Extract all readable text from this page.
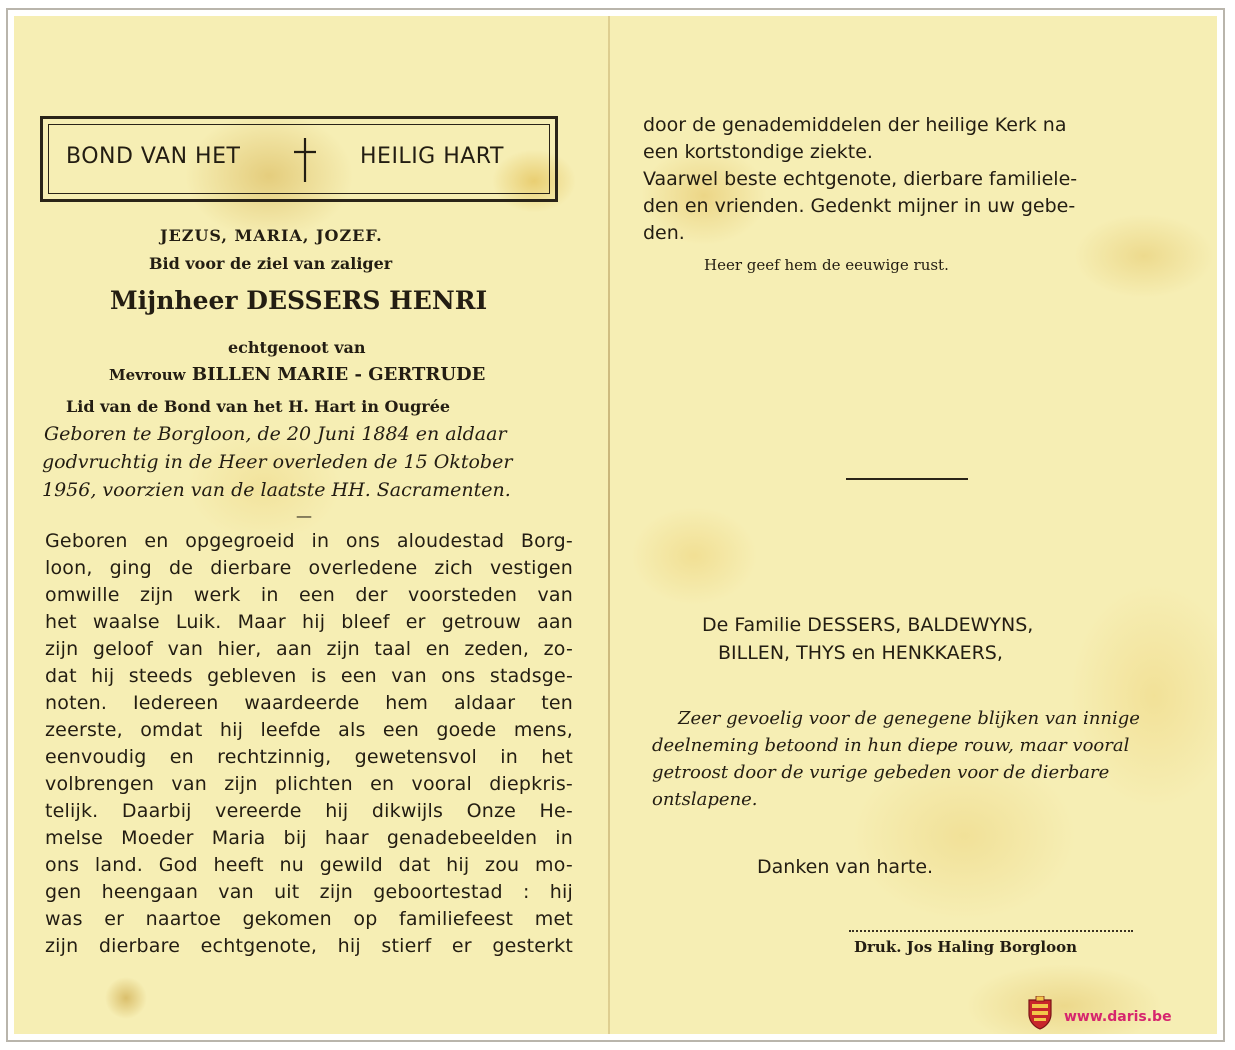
BOND VAN HET	HEILIG HART
JEZUS, MARIA, JOZEF.
Bid voor de ziel van zaliger
Mijnheer DESSERS HENRI
echtgenoot van
Mevrouw BILLEN MARIE - GERTRUDE
Lid van de Bond van het H. Hart in Ougrée
Geboren te Borgloon, de 20 Juni 1884 en aldaar
godvruchtig in de Heer overleden de 15 Oktober
1956, voorzien van de laatste HH. Sacramenten.
—
Geboren en opgegroeid in ons aloudestad Borg-
loon, ging de dierbare overledene zich vestigen
omwille zijn werk in een der voorsteden van
het waalse Luik. Maar hij bleef er getrouw aan
zijn geloof van hier, aan zijn taal en zeden, zo-
dat hij steeds gebleven is een van ons stadsge-
noten. Iedereen waardeerde hem aldaar ten
zeerste, omdat hij leefde als een goede mens,
eenvoudig en rechtzinnig, gewetensvol in het
volbrengen van zijn plichten en vooral diepkris-
telijk. Daarbij vereerde hij dikwijls Onze He-
melse Moeder Maria bij haar genadebeelden in
ons land. God heeft nu gewild dat hij zou mo-
gen heengaan van uit zijn geboortestad : hij
was er naartoe gekomen op familiefeest met
zijn dierbare echtgenote, hij stierf er gesterkt
door de genademiddelen der heilige Kerk na
een kortstondige ziekte.
Vaarwel beste echtgenote, dierbare familiele-
den en vrienden. Gedenkt mijner in uw gebe-
den.
Heer geef hem de eeuwige rust.
De Familie DESSERS, BALDEWYNS,
BILLEN, THYS en HENKKAERS,
Zeer gevoelig voor de genegene blijken van innige
deelneming betoond in hun diepe rouw, maar vooral
getroost door de vurige gebeden voor de dierbare
ontslapene.
Danken van harte.
Druk. Jos Haling Borgloon
www.daris.be
